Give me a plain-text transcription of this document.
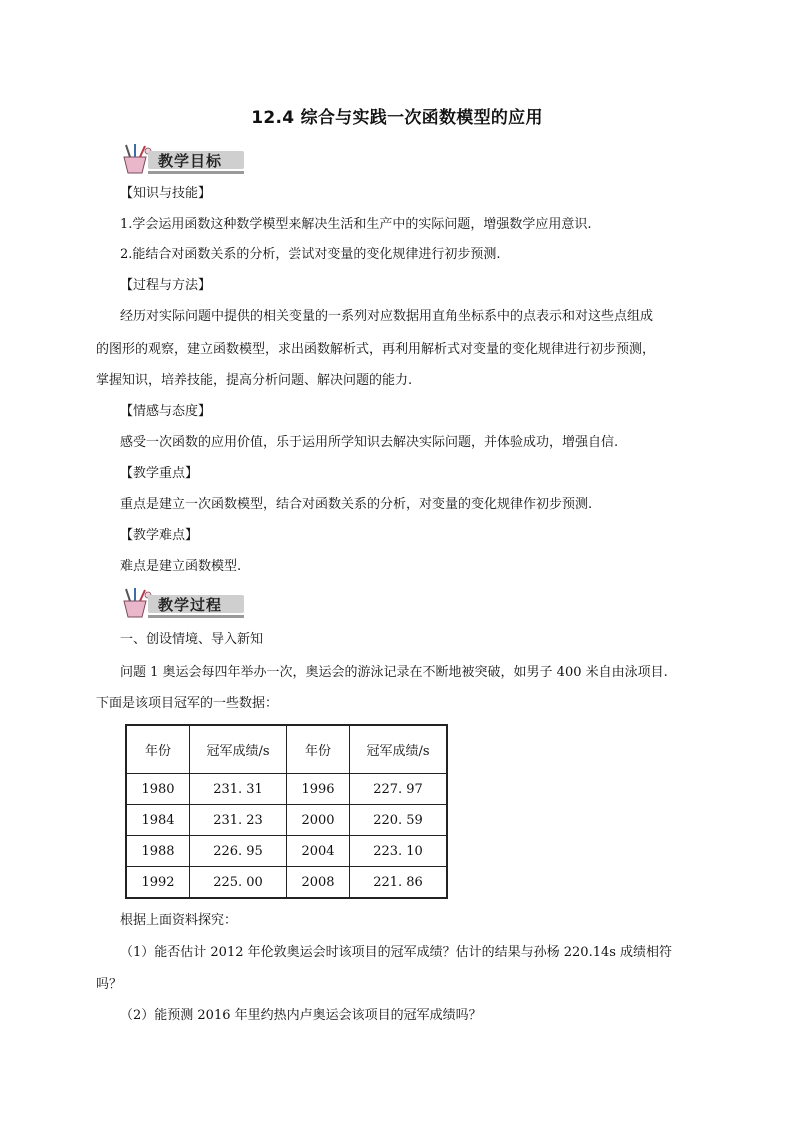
12.4 综合与实践一次函数模型的应用
教学目标
【知识与技能】
1.学会运用函数这种数学模型来解决生活和生产中的实际问题，增强数学应用意识.
2.能结合对函数关系的分析，尝试对变量的变化规律进行初步预测.
【过程与方法】
经历对实际问题中提供的相关变量的一系列对应数据用直角坐标系中的点表示和对这些点组成
的图形的观察，建立函数模型，求出函数解析式，再利用解析式对变量的变化规律进行初步预测，
掌握知识，培养技能，提高分析问题、解决问题的能力.
【情感与态度】
感受一次函数的应用价值，乐于运用所学知识去解决实际问题，并体验成功，增强自信.
【教学重点】
重点是建立一次函数模型，结合对函数关系的分析，对变量的变化规律作初步预测.
【教学难点】
难点是建立函数模型.
教学过程
一、创设情境、导入新知
问题 1 奥运会每四年举办一次，奥运会的游泳记录在不断地被突破，如男子 400 米自由泳项目.
下面是该项目冠军的一些数据：
年份	冠军成绩/s	年份	冠军成绩/s
1980	231. 31	1996	227. 97
1984	231. 23	2000	220. 59
1988	226. 95	2004	223. 10
1992	225. 00	2008	221. 86
根据上面资料探究：
（1）能否估计 2012 年伦敦奥运会时该项目的冠军成绩？估计的结果与孙杨 220.14s 成绩相符
吗？
（2）能预测 2016 年里约热内卢奥运会该项目的冠军成绩吗？
